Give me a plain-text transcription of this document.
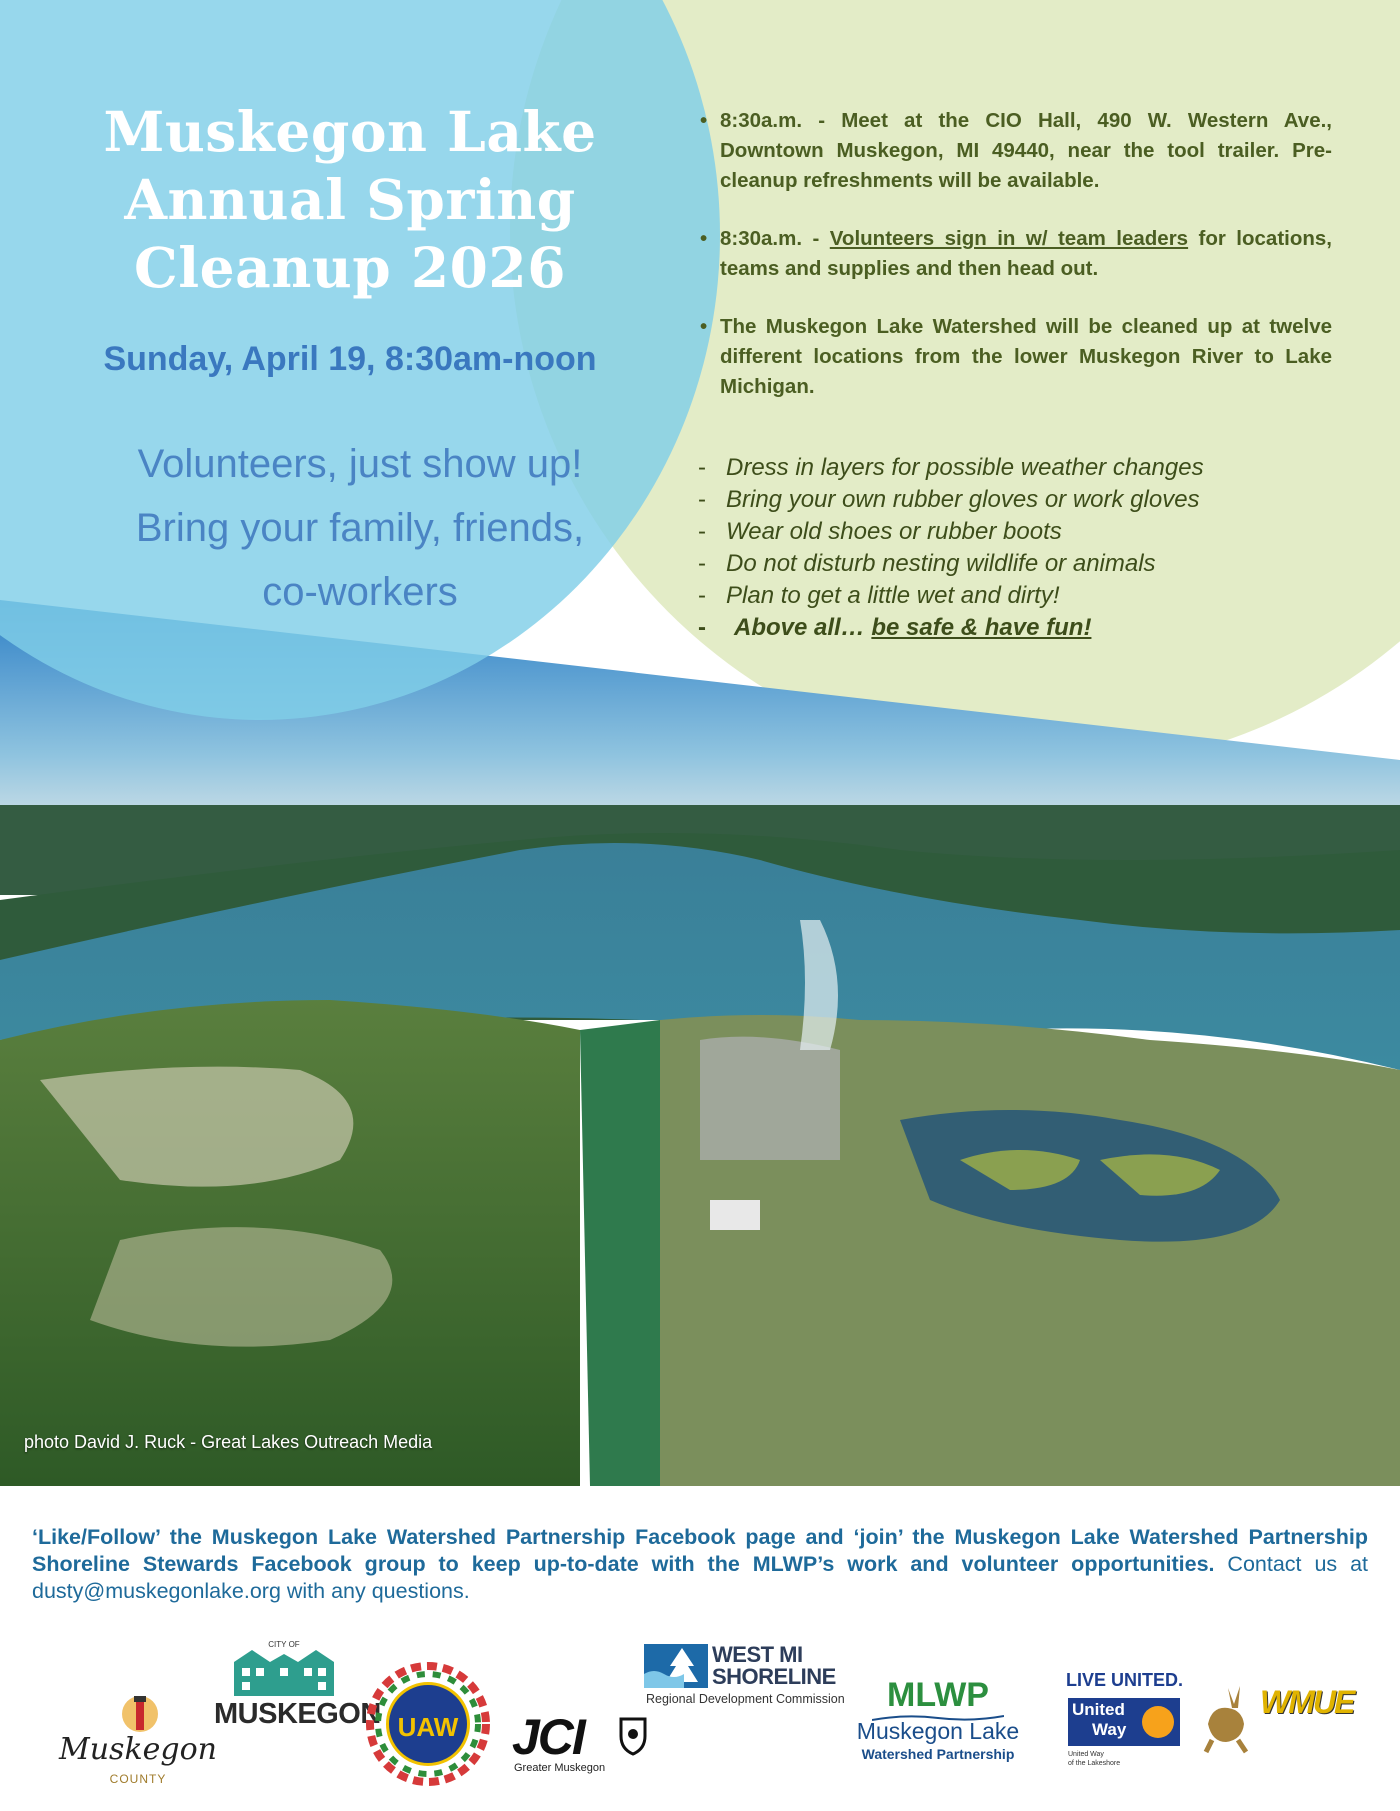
Muskegon Lake
Annual Spring
Cleanup 2026
Sunday, April 19, 8:30am-noon
Volunteers, just show up!
Bring your family, friends,
co-workers
• 8:30a.m. - Meet at the CIO Hall, 490 W. Western Ave., Downtown Muskegon, MI 49440, near the tool trailer. Pre-cleanup refreshments will be available.
• 8:30a.m. - Volunteers sign in w/ team leaders for locations, teams and supplies and then head out.
• The Muskegon Lake Watershed will be cleaned up at twelve different locations from the lower Muskegon River to Lake Michigan.
- Dress in layers for possible weather changes
- Bring your own rubber gloves or work gloves
- Wear old shoes or rubber boots
- Do not disturb nesting wildlife or animals
- Plan to get a little wet and dirty!
- Above all… be safe & have fun!
photo David J. Ruck - Great Lakes Outreach Media
‘Like/Follow’ the Muskegon Lake Watershed Partnership Facebook page and ‘join’ the Muskegon Lake Watershed Partnership Shoreline Stewards Facebook group to keep up-to-date with the MLWP’s work and volunteer opportunities. Contact us at dusty@muskegonlake.org with any questions.
Muskegon
COUNTY
CITY OF
MUSKEGON UAW JCI
Greater Muskegon
WEST MI
SHORELINE
Regional Development Commission	MLWP
Muskegon Lake
Watershed Partnership
LIVE UNITED.
United
Way
United Way
of the Lakeshore
WMUE
